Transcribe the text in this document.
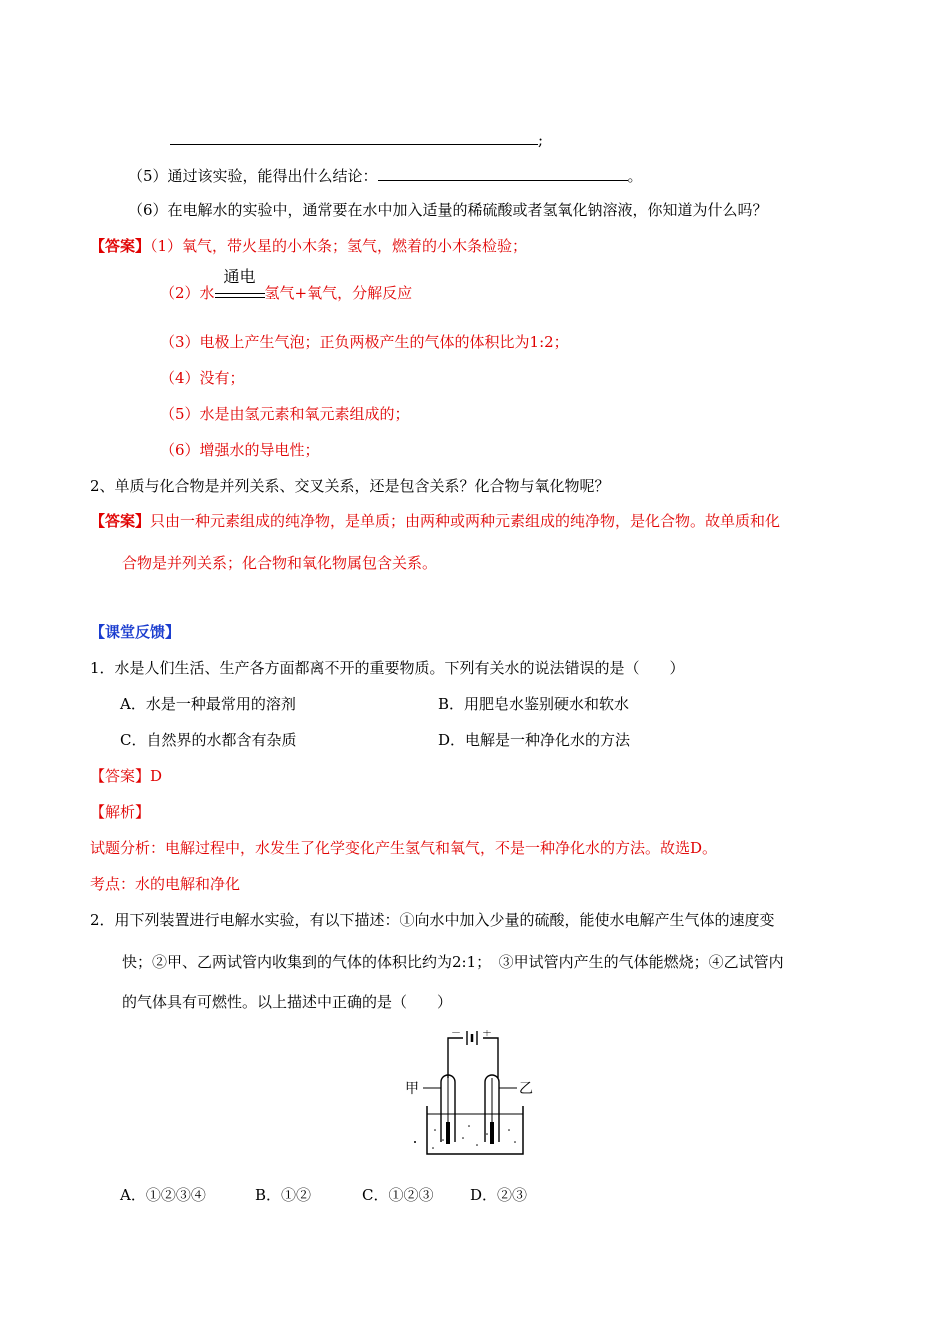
;
（5）通过该实验，能得出什么结论：	。
（6）在电解水的实验中，通常要在水中加入适量的稀硫酸或者氢氧化钠溶液，你知道为什么吗？
【答案】（1）氧气，带火星的小木条；氢气，燃着的小木条检验；
（2）水
通电
氢气+氧气，分解反应
（3）电极上产生气泡；正负两极产生的气体的体积比为1:2；
（4）没有；
（5）水是由氢元素和氧元素组成的；
（6）增强水的导电性；
2、单质与化合物是并列关系、交叉关系，还是包含关系？化合物与氧化物呢？
【答案】只由一种元素组成的纯净物，是单质；由两种或两种元素组成的纯净物，是化合物。故单质和化
合物是并列关系；化合物和氧化物属包含关系。
【课堂反馈】
1．水是人们生活、生产各方面都离不开的重要物质。下列有关水的说法错误的是（　　）
A．水是一种最常用的溶剂	B．用肥皂水鉴别硬水和软水
C．自然界的水都含有杂质	D．电解是一种净化水的方法
【答案】D
【解析】
试题分析：电解过程中，水发生了化学变化产生氢气和氧气，不是一种净化水的方法。故选D。
考点：水的电解和净化
2．用下列装置进行电解水实验，有以下描述：①向水中加入少量的硫酸，能使水电解产生气体的速度变
快；②甲、乙两试管内收集到的气体的体积比约为2:1；　③甲试管内产生的气体能燃烧；④乙试管内
的气体具有可燃性。以上描述中正确的是（　　）
－ ＋
甲	乙
A．①②③④	B．①②	C．①②③ D．②③
